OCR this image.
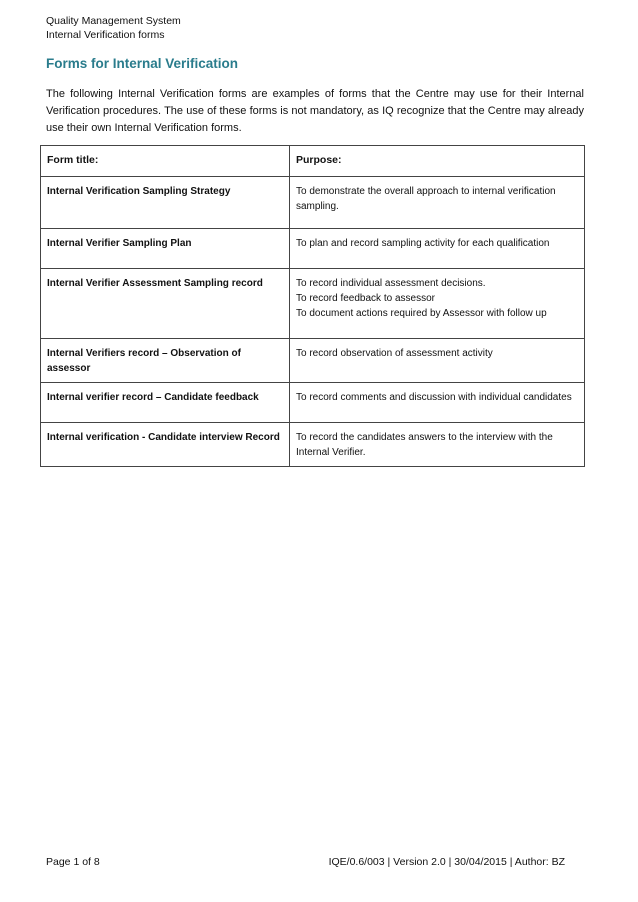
Quality Management System
Internal Verification forms
Forms for Internal Verification

The following Internal Verification forms are examples of forms that the Centre may use for their Internal Verification procedures. The use of these forms is not mandatory, as IQ recognize that the Centre may already use their own Internal Verification forms.

Form title:	Purpose:
Internal Verification Sampling Strategy	To demonstrate the overall approach to internal verification sampling.

Internal Verifier Sampling Plan	To plan and record sampling activity for each qualification

Internal Verifier Assessment Sampling record	To record individual assessment decisions.
To record feedback to assessor
To document actions required by Assessor with follow up

Internal Verifiers record – Observation of assessor	To record observation of assessment activity

Internal verifier record – Candidate feedback	To record comments and discussion with individual candidates

Internal verification - Candidate interview Record	To record the candidates answers to the interview with the Internal Verifier.
Page 1 of 8	IQE/0.6/003 | Version 2.0 | 30/04/2015 | Author: BZ
